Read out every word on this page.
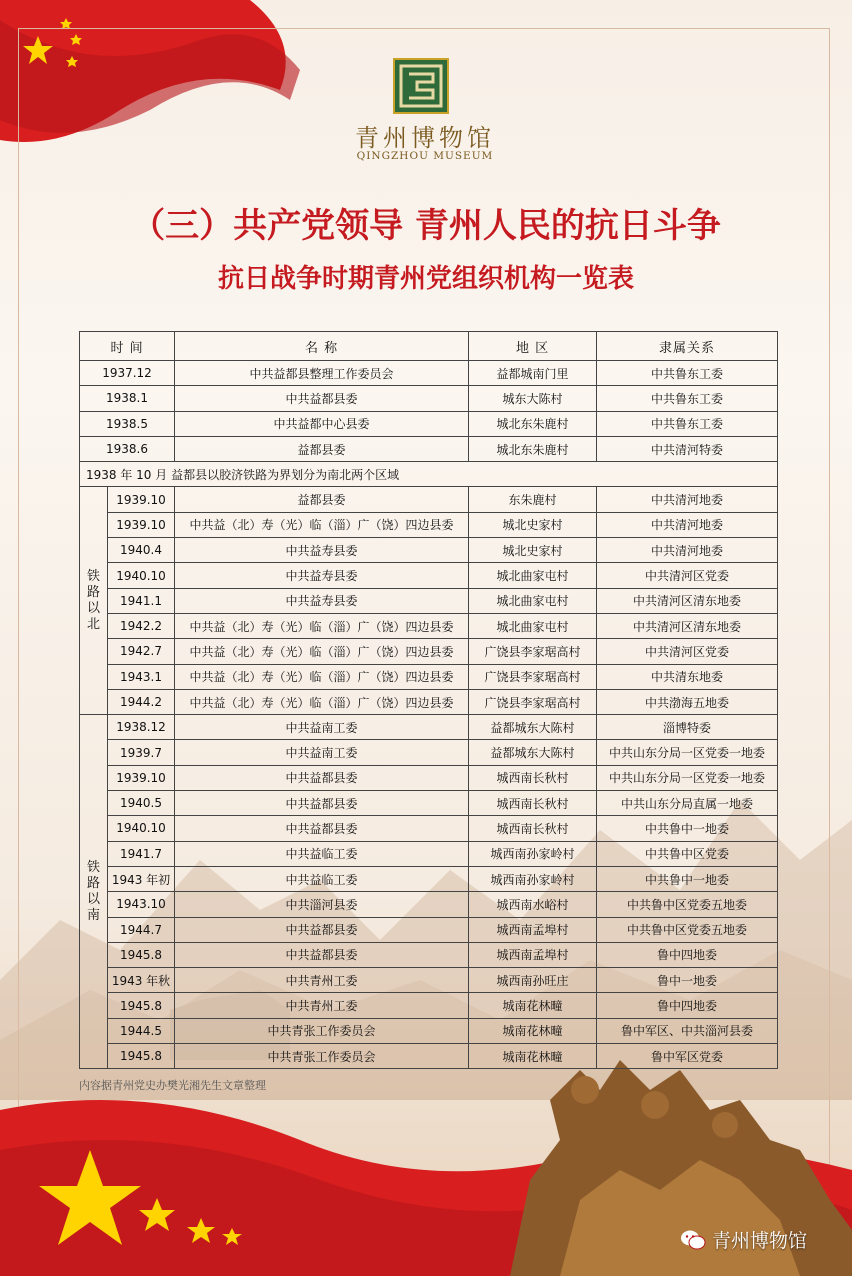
青州博物馆
QINGZHOU MUSEUM
（三）共产党领导 青州人民的抗日斗争
抗日战争时期青州党组织机构一览表
时 间		名 称	地 区	隶属关系
1937.12		中共益都县整理工作委员会	益都城南门里	中共鲁东工委
1938.1		中共益都县委	城东大陈村	中共鲁东工委
1938.5		中共益都中心县委	城北东朱鹿村	中共鲁东工委
1938.6		益都县委	城北东朱鹿村	中共清河特委
1938 年 10 月 益都县以胶济铁路为界划分为南北两个区域				
铁路以北	1939.10	益都县委	东朱鹿村	中共清河地委
	1939.10	中共益（北）寿（光）临（淄）广（饶）四边县委	城北史家村	中共清河地委
	1940.4	中共益寿县委	城北史家村	中共清河地委
	1940.10	中共益寿县委	城北曲家屯村	中共清河区党委
	1941.1	中共益寿县委	城北曲家屯村	中共清河区清东地委
	1942.2	中共益（北）寿（光）临（淄）广（饶）四边县委	城北曲家屯村	中共清河区清东地委
	1942.7	中共益（北）寿（光）临（淄）广（饶）四边县委	广饶县李家琚高村	中共清河区党委
	1943.1	中共益（北）寿（光）临（淄）广（饶）四边县委	广饶县李家琚高村	中共清东地委
	1944.2	中共益（北）寿（光）临（淄）广（饶）四边县委	广饶县李家琚高村	中共渤海五地委
铁路以南	1938.12	中共益南工委	益都城东大陈村	淄博特委
	1939.7	中共益南工委	益都城东大陈村	中共山东分局一区党委一地委
	1939.10	中共益都县委	城西南长秋村	中共山东分局一区党委一地委
	1940.5	中共益都县委	城西南长秋村	中共山东分局直属一地委
	1940.10	中共益都县委	城西南长秋村	中共鲁中一地委
	1941.7	中共益临工委	城西南孙家岭村	中共鲁中区党委
	1943 年初	中共益临工委	城西南孙家岭村	中共鲁中一地委
	1943.10	中共淄河县委	城西南水峪村	中共鲁中区党委五地委
	1944.7	中共益都县委	城西南孟埠村	中共鲁中区党委五地委
	1945.8	中共益都县委	城西南孟埠村	鲁中四地委
	1943 年秋	中共青州工委	城西南孙旺庄	鲁中一地委
	1945.8	中共青州工委	城南花林疃	鲁中四地委
	1944.5	中共青张工作委员会	城南花林疃	鲁中军区、中共淄河县委
	1945.8	中共青张工作委员会	城南花林疃	鲁中军区党委
内容据青州党史办樊光湘先生文章整理
青州博物馆
